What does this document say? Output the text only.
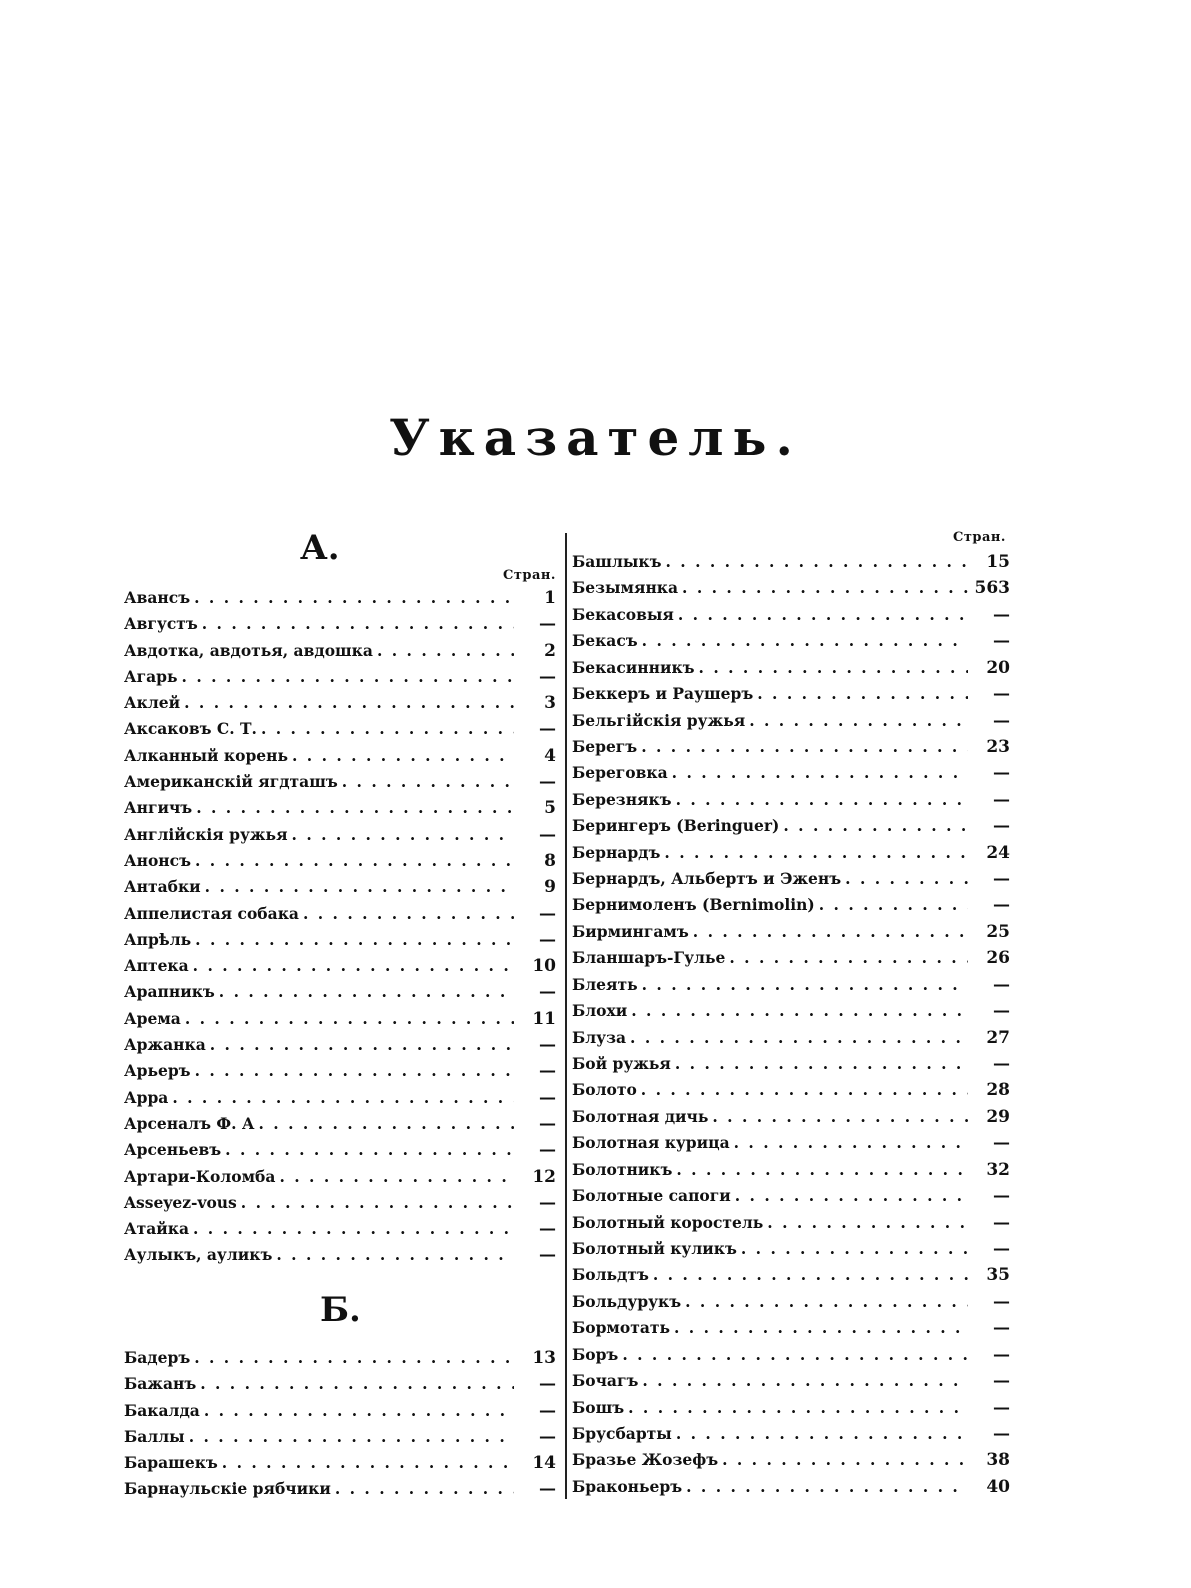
Указатель.
А.
Стран.
Авансъ . . .	1
Августъ . . .	—
Авдотка, авдотья, авдошка . . .	2
Агарь . . .	—
Аклей . . .	3
Аксаковъ С. Т. . . .	—
Алканный корень . . .	4
Американскій ягдташъ . . .	—
Ангичъ . . .	5
Англійскія ружья . . .	—
Анонсъ . . .	8
Антабки . . .	9
Аппелистая собака . . .	—
Апрѣль . . .	—
Аптека . . .	10
Арапникъ . . .	—
Арема . . .	11
Аржанка . . .	—
Арьеръ . . .	—
Арра . . .	—
Арсеналъ Ф. А . . .	—
Арсеньевъ . . .	—
Артари-Коломба . . .	12
Asseyez-vous . . .	—
Атайка . . .	—
Аулыкъ, ауликъ . . .	—
Б.
Бадеръ . . .	13
Бажанъ . . .	—
Бакалда . . .	—
Баллы . . .	—
Барашекъ . . .	14
Барнаульскіе рябчики . . .	—
Стран.
Башлыкъ . . .	15
Безымянка . . .	563
Бекасовыя . . .	—
Бекасъ . . .	—
Бекасинникъ . . .	20
Беккеръ и Раушеръ . . .	—
Бельгійскія ружья . . .	—
Берегъ . . .	23
Береговка . . .	—
Березнякъ . . .	—
Берингеръ (Beringuer) . . .	—
Бернардъ . . .	24
Бернардъ, Альбертъ и Эженъ . . .	—
Бернимоленъ (Bernimolin) . . .	—
Бирмингамъ . . .	25
Бланшаръ-Гульe . . .	26
Блеять . . .	—
Блохи . . .	—
Блуза . . .	27
Бой ружья . . .	—
Болото . . .	28
Болотная дичь . . .	29
Болотная курица . . .	—
Болотникъ . . .	32
Болотные сапоги . . .	—
Болотный коростель . . .	—
Болотный куликъ . . .	—
Больдтъ . . .	35
Больдурукъ . . .	—
Бормотать . . .	—
Боръ . . .	—
Бочагъ . . .	—
Бошъ . . .	—
Брусбарты . . .	—
Бразье Жозефъ . . .	38
Браконьеръ . . .	40
